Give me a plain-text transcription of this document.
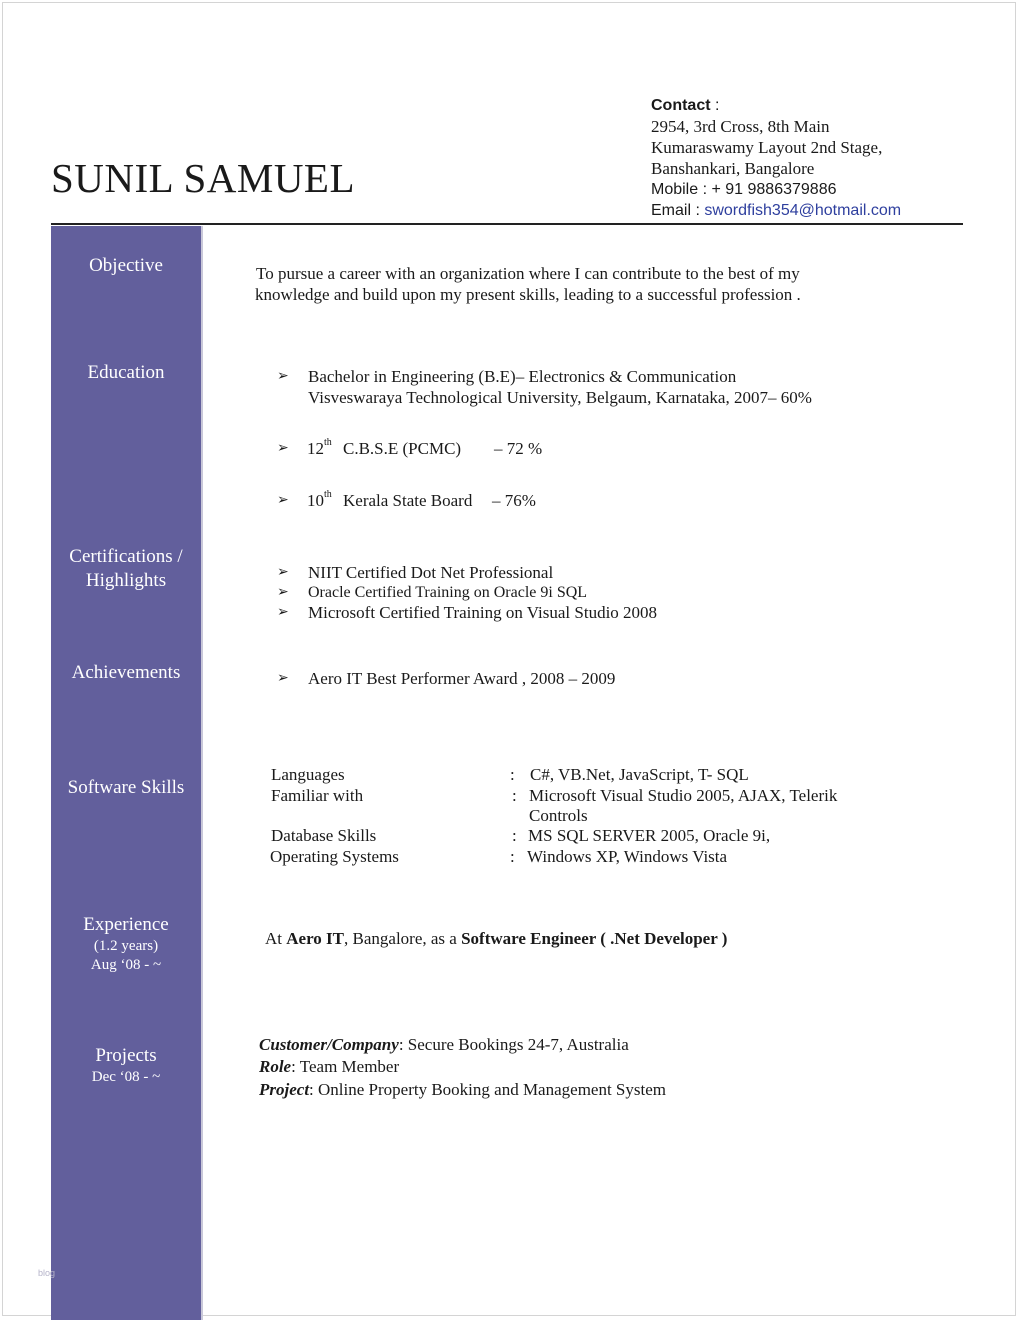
SUNIL SAMUEL
Contact :
2954, 3rd Cross, 8th Main
Kumaraswamy Layout 2nd Stage,
Banshankari, Bangalore
Mobile : + 91 9886379886
Email : swordfish354@hotmail.com
Objective
Education
Certifications /
Highlights
Achievements
Software Skills
Experience
(1.2 years)
Aug ‘08 - ~
Projects
Dec ‘08 - ~
blog
To pursue a career with an organization where I can contribute to the best of my
knowledge and build upon my present skills, leading to a successful profession .
➢ Bachelor in Engineering (B.E)– Electronics & Communication
Visveswaraya Technological University, Belgaum, Karnataka, 2007– 60%
➢ 12th C.B.S.E (PCMC) – 72 %
➢ 10th Kerala State Board – 76%
➢ NIIT Certified Dot Net Professional
➢ Oracle Certified Training on Oracle 9i SQL
➢ Microsoft Certified Training on Visual Studio 2008
➢ Aero IT Best Performer Award , 2008 – 2009
Languages	: C#, VB.Net, JavaScript, T- SQL
Familiar with	: Microsoft Visual Studio 2005, AJAX, Telerik
Controls
Database Skills	: MS SQL SERVER 2005, Oracle 9i,
Operating Systems	: Windows XP, Windows Vista
At Aero IT, Bangalore, as a Software Engineer ( .Net Developer )
Customer/Company: Secure Bookings 24-7, Australia
Role: Team Member
Project: Online Property Booking and Management System
